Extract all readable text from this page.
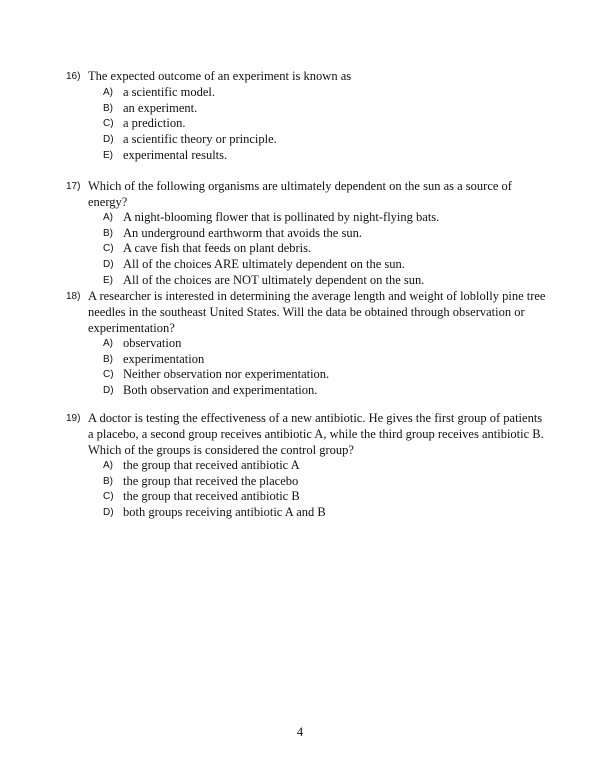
16) The expected outcome of an experiment is known as
A) a scientific model.
B) an experiment.
C) a prediction.
D) a scientific theory or principle.
E) experimental results.
17) Which of the following organisms are ultimately dependent on the sun as a source of energy?
A) A night-blooming flower that is pollinated by night-flying bats.
B) An underground earthworm that avoids the sun.
C) A cave fish that feeds on plant debris.
D) All of the choices ARE ultimately dependent on the sun.
E) All of the choices are NOT ultimately dependent on the sun.
18) A researcher is interested in determining the average length and weight of loblolly pine tree needles in the southeast United States. Will the data be obtained through observation or experimentation?
A) observation
B) experimentation
C) Neither observation nor experimentation.
D) Both observation and experimentation.
19) A doctor is testing the effectiveness of a new antibiotic. He gives the first group of patients a placebo, a second group receives antibiotic A, while the third group receives antibiotic B. Which of the groups is considered the control group?
A) the group that received antibiotic A
B) the group that received the placebo
C) the group that received antibiotic B
D) both groups receiving antibiotic A and B
4
